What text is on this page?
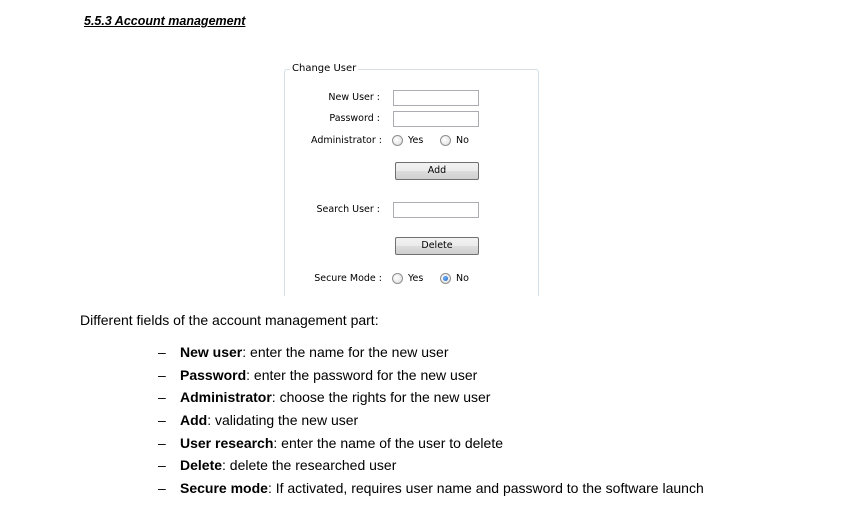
5.5.3 Account management
Change User
New User :
Password :
Administrator :	Yes	No
Add
Search User :
Delete
Secure Mode :	Yes	No
Different fields of the account management part:
– New user: enter the name for the new user
– Password: enter the password for the new user
– Administrator: choose the rights for the new user
– Add: validating the new user
– User research: enter the name of the user to delete
– Delete: delete the researched user
– Secure mode: If activated, requires user name and password to the software launch
